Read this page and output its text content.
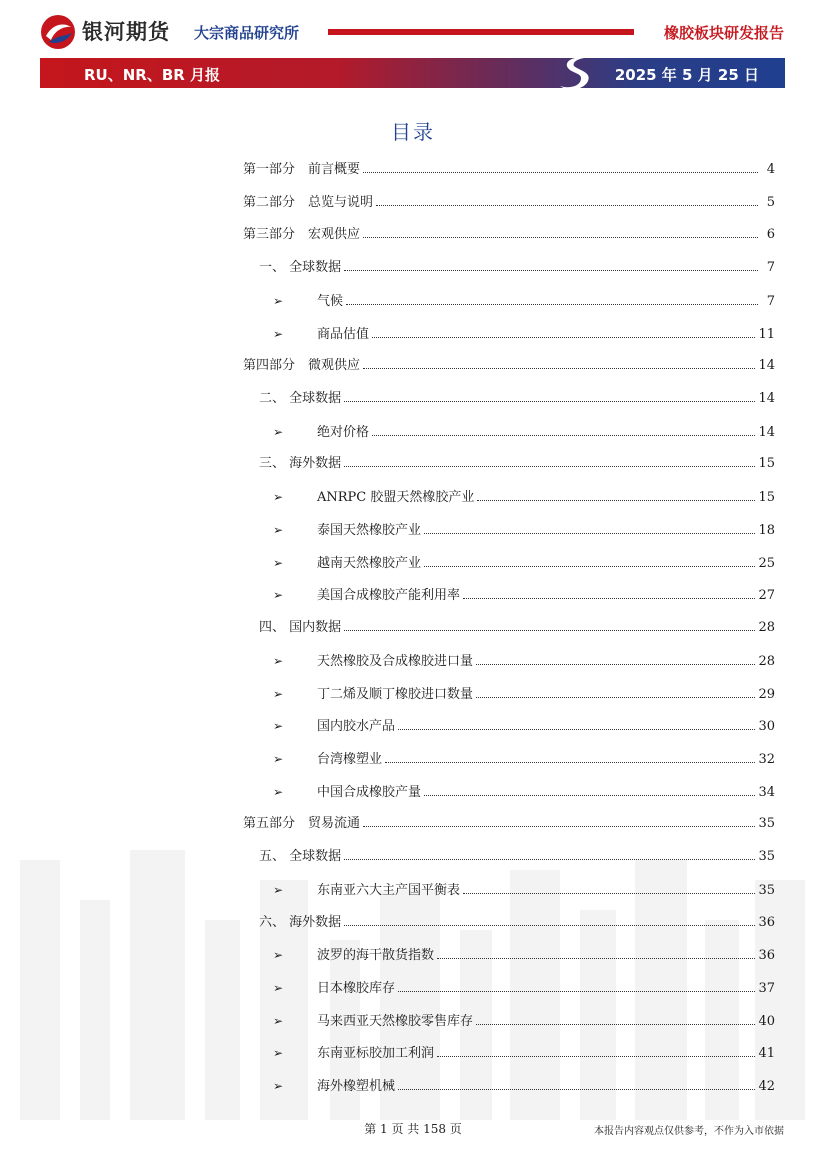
银河期货 大宗商品研究所	橡胶板块研发报告
RU、NR、BR 月报	2025 年 5 月 25 日
目录
第一部分　前言概要	4
第二部分　总览与说明	5
第三部分　宏观供应	6
一、 全球数据	7
➢	气候	7
➢	商品估值	11
第四部分　微观供应	14
二、 全球数据	14
➢	绝对价格	14
三、 海外数据	15
➢	ANRPC 胶盟天然橡胶产业	15
➢	泰国天然橡胶产业	18
➢	越南天然橡胶产业	25
➢	美国合成橡胶产能利用率	27
四、 国内数据	28
➢	天然橡胶及合成橡胶进口量	28
➢	丁二烯及顺丁橡胶进口数量	29
➢	国内胶水产品	30
➢	台湾橡塑业	32
➢	中国合成橡胶产量	34
第五部分　贸易流通	35
五、 全球数据	35
➢	东南亚六大主产国平衡表	35
六、 海外数据	36
➢	波罗的海干散货指数	36
➢	日本橡胶库存	37
➢	马来西亚天然橡胶零售库存	40
➢	东南亚标胶加工利润	41
➢	海外橡塑机械	42
第 1 页 共 158 页	本报告内容观点仅供参考，不作为入市依据
